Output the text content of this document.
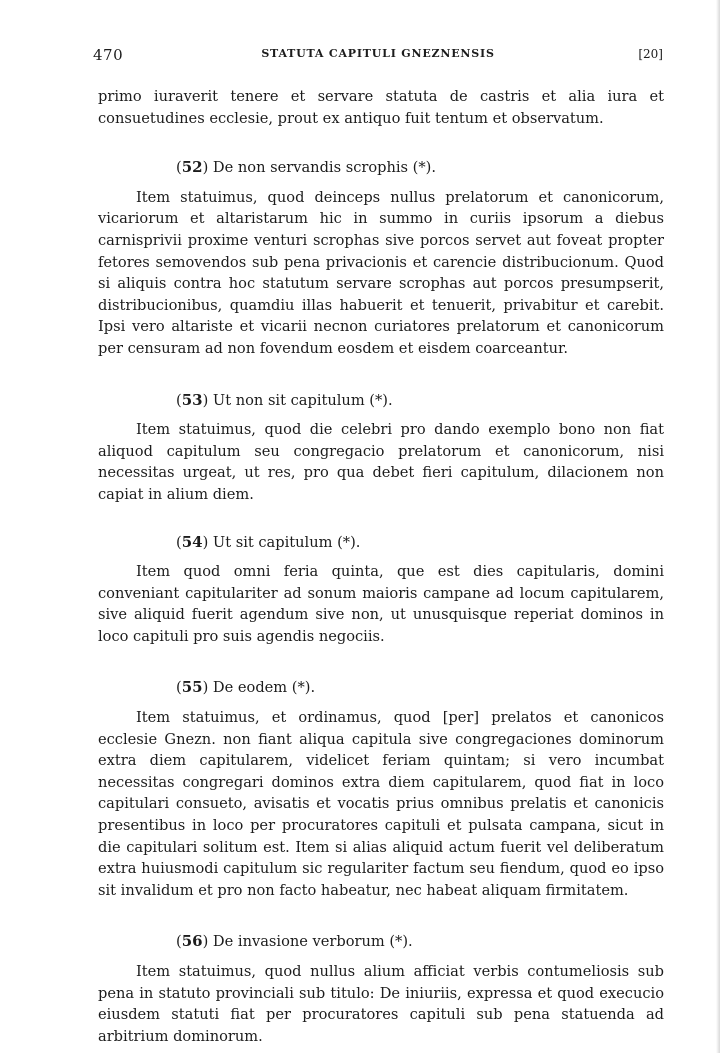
470	STATUTA CAPITULI GNEZNENSIS	[20]

primo iuraverit tenere et servare statuta de castris et alia iura et consuetudines ecclesie, prout ex antiquo fuit tentum et observatum.

(52) De non servandis scrophis (*).

Item statuimus, quod deinceps nullus prelatorum et canonicorum, vicariorum et altaristarum hic in summo in curiis ipsorum a diebus carnisprivii proxime venturi scrophas sive porcos servet aut foveat propter fetores semovendos sub pena privacionis et carencie distribucionum. Quod si aliquis contra hoc statutum servare scrophas aut porcos presumpserit, distribucionibus, quamdiu illas habuerit et tenuerit, privabitur et carebit. Ipsi vero altariste et vicarii necnon curiatores prelatorum et canonicorum per censuram ad non fovendum eosdem et eisdem coarceantur.

(53) Ut non sit capitulum (*).

Item statuimus, quod die celebri pro dando exemplo bono non fiat aliquod capitulum seu congregacio prelatorum et canonicorum, nisi necessitas urgeat, ut res, pro qua debet fieri capitulum, dilacionem non capiat in alium diem.

(54) Ut sit capitulum (*).

Item quod omni feria quinta, que est dies capitularis, domini conveniant capitulariter ad sonum maioris campane ad locum capitularem, sive aliquid fuerit agendum sive non, ut unusquisque reperiat dominos in loco capituli pro suis agendis negociis.

(55) De eodem (*).

Item statuimus, et ordinamus, quod [per] prelatos et canonicos ecclesie Gnezn. non fiant aliqua capitula sive congregaciones dominorum extra diem capitularem, videlicet feriam quintam; si vero incumbat necessitas congregari dominos extra diem capitularem, quod fiat in loco capitulari consueto, avisatis et vocatis prius omnibus prelatis et canonicis presentibus in loco per procuratores capituli et pulsata campana, sicut in die capitulari solitum est. Item si alias aliquid actum fuerit vel deliberatum extra huiusmodi capitulum sic regulariter factum seu fiendum, quod eo ipso sit invalidum et pro non facto habeatur, nec habeat aliquam firmitatem.

(56) De invasione verborum (*).

Item statuimus, quod nullus alium afficiat verbis contumeliosis sub pena in statuto provinciali sub titulo: De iniuriis, expressa et quod execucio eiusdem statuti fiat per procuratores capituli sub pena statuenda ad arbitrium dominorum.
